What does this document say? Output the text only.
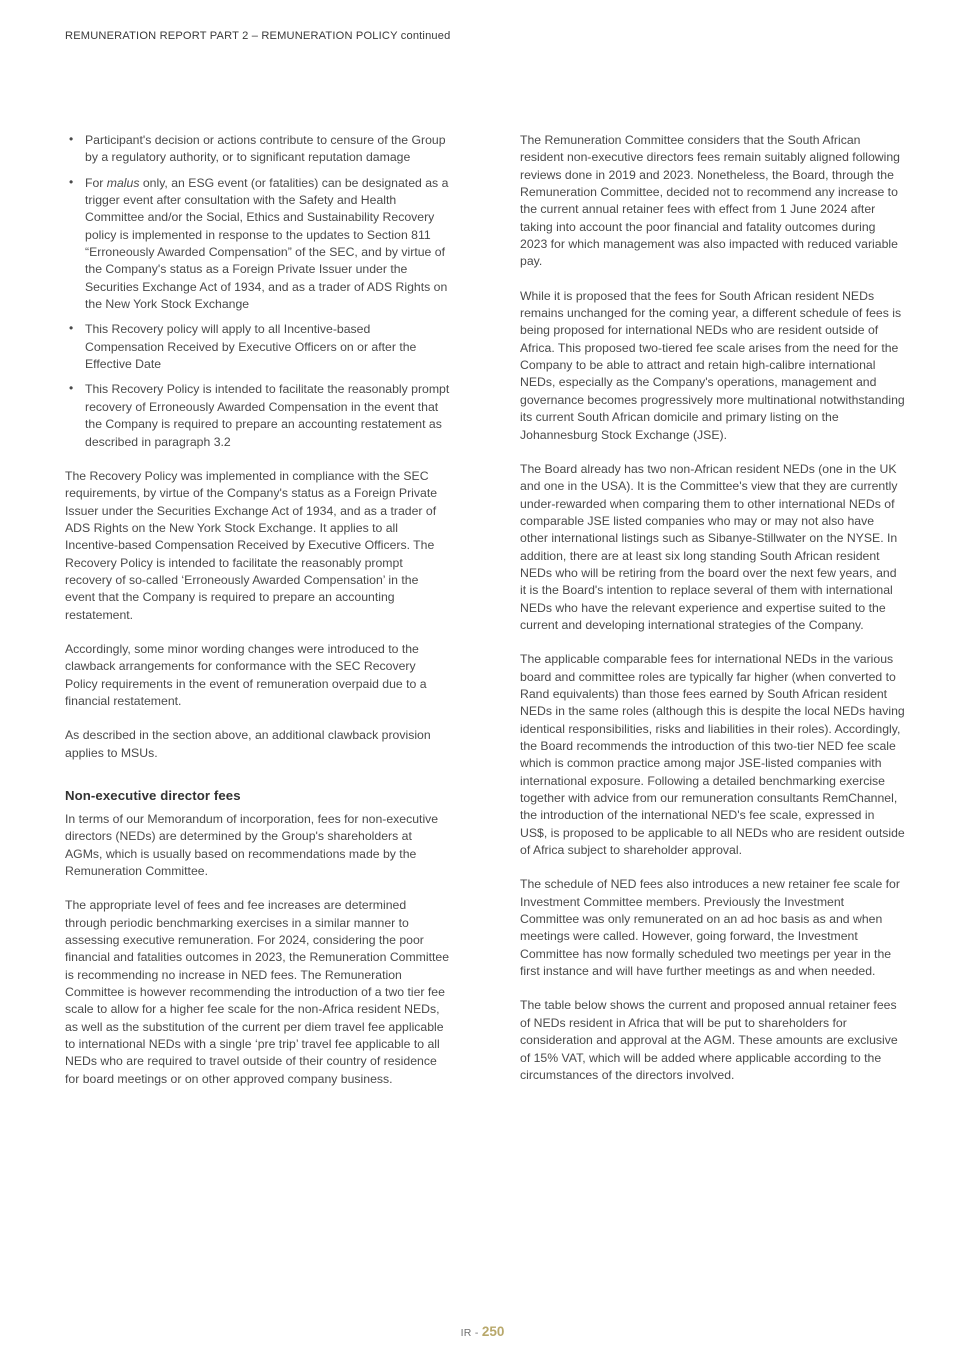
REMUNERATION REPORT PART 2 – REMUNERATION POLICY continued
• Participant's decision or actions contribute to censure of the Group by a regulatory authority, or to significant reputation damage
• For malus only, an ESG event (or fatalities) can be designated as a trigger event after consultation with the Safety and Health Committee and/or the Social, Ethics and Sustainability Recovery policy is implemented in response to the updates to Section 811 “Erroneously Awarded Compensation” of the SEC, and by virtue of the Company's status as a Foreign Private Issuer under the Securities Exchange Act of 1934, and as a trader of ADS Rights on the New York Stock Exchange
• This Recovery policy will apply to all Incentive-based Compensation Received by Executive Officers on or after the Effective Date
• This Recovery Policy is intended to facilitate the reasonably prompt recovery of Erroneously Awarded Compensation in the event that the Company is required to prepare an accounting restatement as described in paragraph 3.2

The Recovery Policy was implemented in compliance with the SEC requirements, by virtue of the Company's status as a Foreign Private Issuer under the Securities Exchange Act of 1934, and as a trader of ADS Rights on the New York Stock Exchange. It applies to all Incentive-based Compensation Received by Executive Officers. The Recovery Policy is intended to facilitate the reasonably prompt recovery of so-called ‘Erroneously Awarded Compensation’ in the event that the Company is required to prepare an accounting restatement.

Accordingly, some minor wording changes were introduced to the clawback arrangements for conformance with the SEC Recovery Policy requirements in the event of remuneration overpaid due to a financial restatement.

As described in the section above, an additional clawback provision applies to MSUs.

Non-executive director fees

In terms of our Memorandum of incorporation, fees for non-executive directors (NEDs) are determined by the Group's shareholders at AGMs, which is usually based on recommendations made by the Remuneration Committee.

The appropriate level of fees and fee increases are determined through periodic benchmarking exercises in a similar manner to assessing executive remuneration. For 2024, considering the poor financial and fatalities outcomes in 2023, the Remuneration Committee is recommending no increase in NED fees. The Remuneration Committee is however recommending the introduction of a two tier fee scale to allow for a higher fee scale for the non-Africa resident NEDs, as well as the substitution of the current per diem travel fee applicable to international NEDs with a single ‘pre trip’ travel fee applicable to all NEDs who are required to travel outside of their country of residence for board meetings or on other approved company business.

The Remuneration Committee considers that the South African resident non-executive directors fees remain suitably aligned following reviews done in 2019 and 2023. Nonetheless, the Board, through the Remuneration Committee, decided not to recommend any increase to the current annual retainer fees with effect from 1 June 2024 after taking into account the poor financial and fatality outcomes during 2023 for which management was also impacted with reduced variable pay.

While it is proposed that the fees for South African resident NEDs remains unchanged for the coming year, a different schedule of fees is being proposed for international NEDs who are resident outside of Africa. This proposed two-tiered fee scale arises from the need for the Company to be able to attract and retain high-calibre international NEDs, especially as the Company's operations, management and governance becomes progressively more multinational notwithstanding its current South African domicile and primary listing on the Johannesburg Stock Exchange (JSE).

The Board already has two non-African resident NEDs (one in the UK and one in the USA). It is the Committee's view that they are currently under-rewarded when comparing them to other international NEDs of comparable JSE listed companies who may or may not also have other international listings such as Sibanye-Stillwater on the NYSE. In addition, there are at least six long standing South African resident NEDs who will be retiring from the board over the next few years, and it is the Board's intention to replace several of them with international NEDs who have the relevant experience and expertise suited to the current and developing international strategies of the Company.

The applicable comparable fees for international NEDs in the various board and committee roles are typically far higher (when converted to Rand equivalents) than those fees earned by South African resident NEDs in the same roles (although this is despite the local NEDs having identical responsibilities, risks and liabilities in their roles). Accordingly, the Board recommends the introduction of this two-tier NED fee scale which is common practice among major JSE-listed companies with international exposure. Following a detailed benchmarking exercise together with advice from our remuneration consultants RemChannel, the introduction of the international NED's fee scale, expressed in US$, is proposed to be applicable to all NEDs who are resident outside of Africa subject to shareholder approval.

The schedule of NED fees also introduces a new retainer fee scale for Investment Committee members. Previously the Investment Committee was only remunerated on an ad hoc basis as and when meetings were called. However, going forward, the Investment Committee has now formally scheduled two meetings per year in the first instance and will have further meetings as and when needed.

The table below shows the current and proposed annual retainer fees of NEDs resident in Africa that will be put to shareholders for consideration and approval at the AGM. These amounts are exclusive of 15% VAT, which will be added where applicable according to the circumstances of the directors involved.

IR - 250
